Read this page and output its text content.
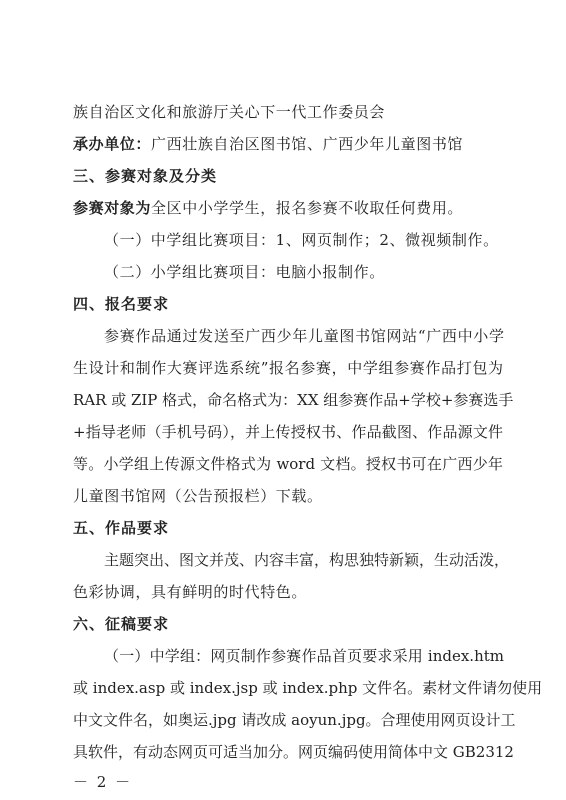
族自治区文化和旅游厅关心下一代工作委员会
承办单位：广西壮族自治区图书馆、广西少年儿童图书馆
三、参赛对象及分类
参赛对象为全区中小学学生，报名参赛不收取任何费用。
（一）中学组比赛项目：1、网页制作；2、微视频制作。
（二）小学组比赛项目：电脑小报制作。
四、报名要求
参赛作品通过发送至广西少年儿童图书馆网站“广西中小学
生设计和制作大赛评选系统”报名参赛，中学组参赛作品打包为
RAR 或 ZIP 格式，命名格式为：XX 组参赛作品+学校+参赛选手
+指导老师（手机号码），并上传授权书、作品截图、作品源文件
等。小学组上传源文件格式为 word 文档。授权书可在广西少年
儿童图书馆网（公告预报栏）下载。
五、作品要求
主题突出、图文并茂、内容丰富，构思独特新颖，生动活泼，
色彩协调，具有鲜明的时代特色。
六、征稿要求
（一）中学组：网页制作参赛作品首页要求采用 index.htm
或 index.asp 或 index.jsp 或 index.php 文件名。素材文件请勿使用
中文文件名，如奥运.jpg 请改成 aoyun.jpg。合理使用网页设计工
具软件，有动态网页可适当加分。网页编码使用简体中文 GB2312
－ 2 －
